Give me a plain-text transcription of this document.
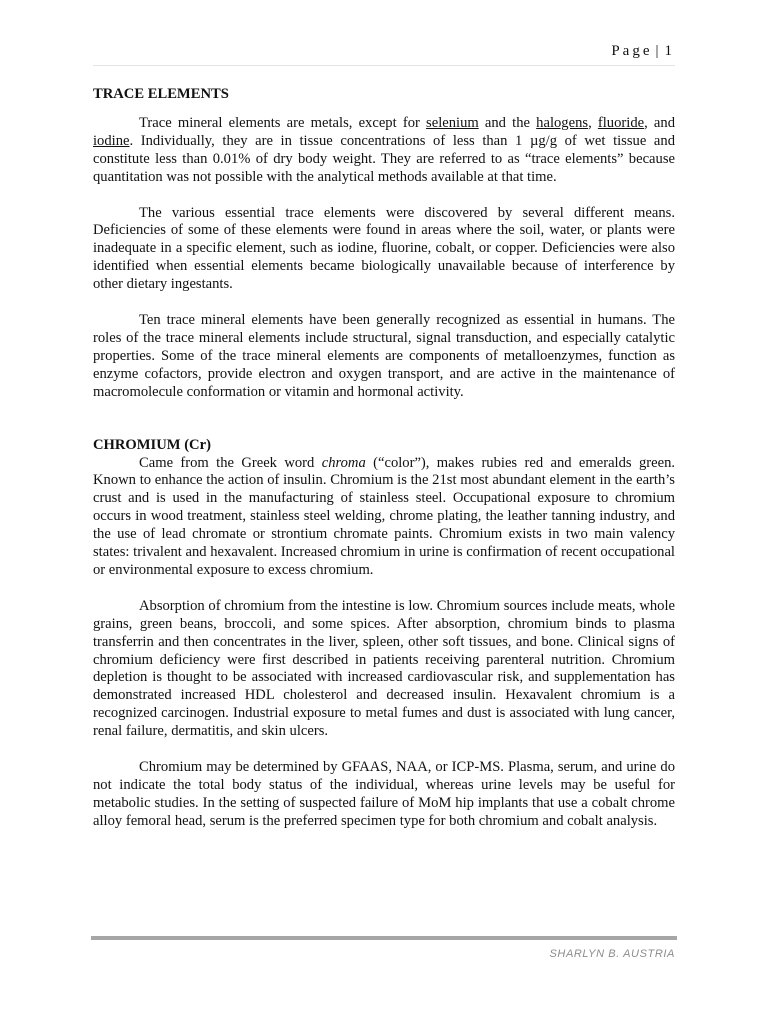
Page | 1

TRACE ELEMENTS

Trace mineral elements are metals, except for selenium and the halogens, fluoride, and iodine. Individually, they are in tissue concentrations of less than 1 µg/g of wet tissue and constitute less than 0.01% of dry body weight. They are referred to as “trace elements” because quantitation was not possible with the analytical methods available at that time.

The various essential trace elements were discovered by several different means. Deficiencies of some of these elements were found in areas where the soil, water, or plants were inadequate in a specific element, such as iodine, fluorine, cobalt, or copper. Deficiencies were also identified when essential elements became biologically unavailable because of interference by other dietary ingestants.

Ten trace mineral elements have been generally recognized as essential in humans. The roles of the trace mineral elements include structural, signal transduction, and especially catalytic properties. Some of the trace mineral elements are components of metalloenzymes, function as enzyme cofactors, provide electron and oxygen transport, and are active in the maintenance of macromolecule conformation or vitamin and hormonal activity.

CHROMIUM (Cr)

Came from the Greek word chroma (“color”), makes rubies red and emeralds green. Known to enhance the action of insulin. Chromium is the 21st most abundant element in the earth’s crust and is used in the manufacturing of stainless steel. Occupational exposure to chromium occurs in wood treatment, stainless steel welding, chrome plating, the leather tanning industry, and the use of lead chromate or strontium chromate paints. Chromium exists in two main valency states: trivalent and hexavalent. Increased chromium in urine is confirmation of recent occupational or environmental exposure to excess chromium.

Absorption of chromium from the intestine is low. Chromium sources include meats, whole grains, green beans, broccoli, and some spices. After absorption, chromium binds to plasma transferrin and then concentrates in the liver, spleen, other soft tissues, and bone. Clinical signs of chromium deficiency were first described in patients receiving parenteral nutrition. Chromium depletion is thought to be associated with increased cardiovascular risk, and supplementation has demonstrated increased HDL cholesterol and decreased insulin. Hexavalent chromium is a recognized carcinogen. Industrial exposure to metal fumes and dust is associated with lung cancer, renal failure, dermatitis, and skin ulcers.

Chromium may be determined by GFAAS, NAA, or ICP-MS. Plasma, serum, and urine do not indicate the total body status of the individual, whereas urine levels may be useful for metabolic studies. In the setting of suspected failure of MoM hip implants that use a cobalt chrome alloy femoral head, serum is the preferred specimen type for both chromium and cobalt analysis.

SHARLYN B. AUSTRIA
